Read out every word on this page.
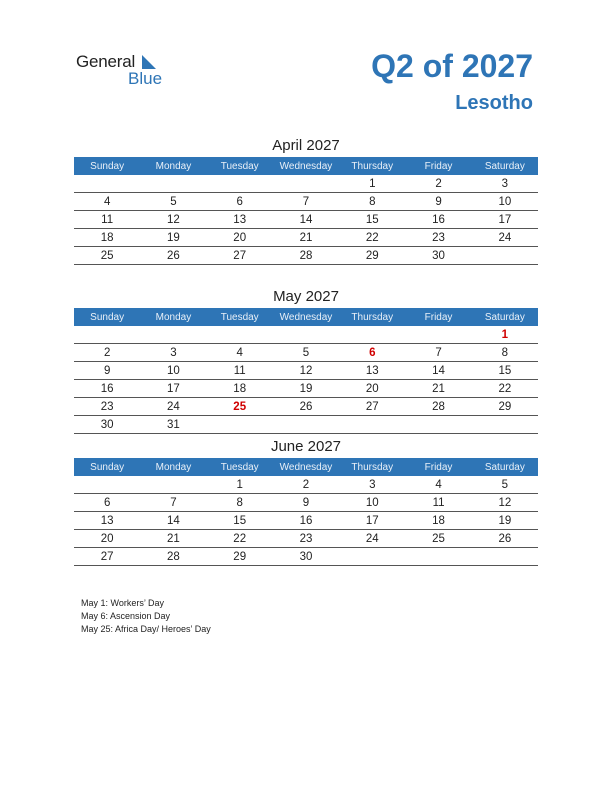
General
Blue	Q2 of 2027
Lesotho
April 2027
Sunday	Monday	Tuesday	Wednesday	Thursday	Friday	Saturday
				1	2	3
4	5	6	7	8	9	10
11	12	13	14	15	16	17
18	19	20	21	22	23	24
25	26	27	28	29	30	
May 2027
Sunday	Monday	Tuesday	Wednesday	Thursday	Friday	Saturday
						1
2	3	4	5	6	7	8
9	10	11	12	13	14	15
16	17	18	19	20	21	22
23	24	25	26	27	28	29
30	31					
June 2027
Sunday	Monday	Tuesday	Wednesday	Thursday	Friday	Saturday
		1	2	3	4	5
6	7	8	9	10	11	12
13	14	15	16	17	18	19
20	21	22	23	24	25	26
27	28	29	30			
May 1: Workers’ Day
May 6: Ascension Day
May 25: Africa Day/ Heroes’ Day
